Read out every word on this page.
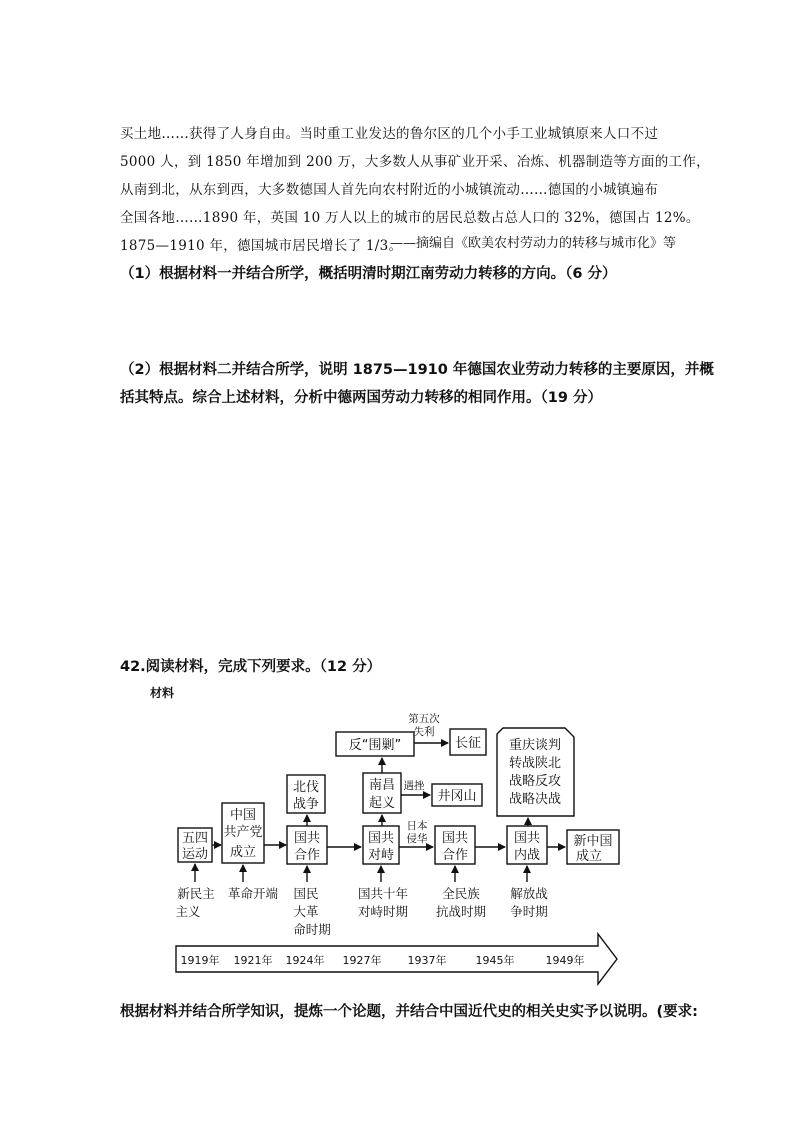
买土地……获得了人身自由。当时重工业发达的鲁尔区的几个小手工业城镇原来人口不过
5000 人，到 1850 年增加到 200 万，大多数人从事矿业开采、冶炼、机器制造等方面的工作，
从南到北，从东到西，大多数德国人首先向农村附近的小城镇流动……德国的小城镇遍布
全国各地……1890 年，英国 10 万人以上的城市的居民总数占总人口的 32%，德国占 12%。
1875—1910 年，德国城市居民增长了 1/3。
——摘编自《欧美农村劳动力的转移与城市化》等
（1）根据材料一并结合所学，概括明清时期江南劳动力转移的方向。（6 分）
（2）根据材料二并结合所学，说明 1875—1910 年德国农业劳动力转移的主要原因，并概
括其特点。综合上述材料，分析中德两国劳动力转移的相同作用。（19 分）
42.阅读材料，完成下列要求。（12 分）
材料
根据材料并结合所学知识，提炼一个论题，并结合中国近代史的相关史实予以说明。(要求:
五四
运动
中国
共产党
成立
国共
合作
国共
对峙
国共
合作
国共
内战
新中国
成立
北伐
战争
南昌
起义	井冈山
反“围剿”	长征 重庆谈判
转战陕北
战略反攻
战略决战
遇挫
第五次
失利
日本
侵华
新民主
主义
革命开端 国民
大革
命时期
国共十年
对峙时期
全民族
抗战时期
解放战
争时期
1919年 1921年 1924年 1927年 1937年	1945年	1949年
